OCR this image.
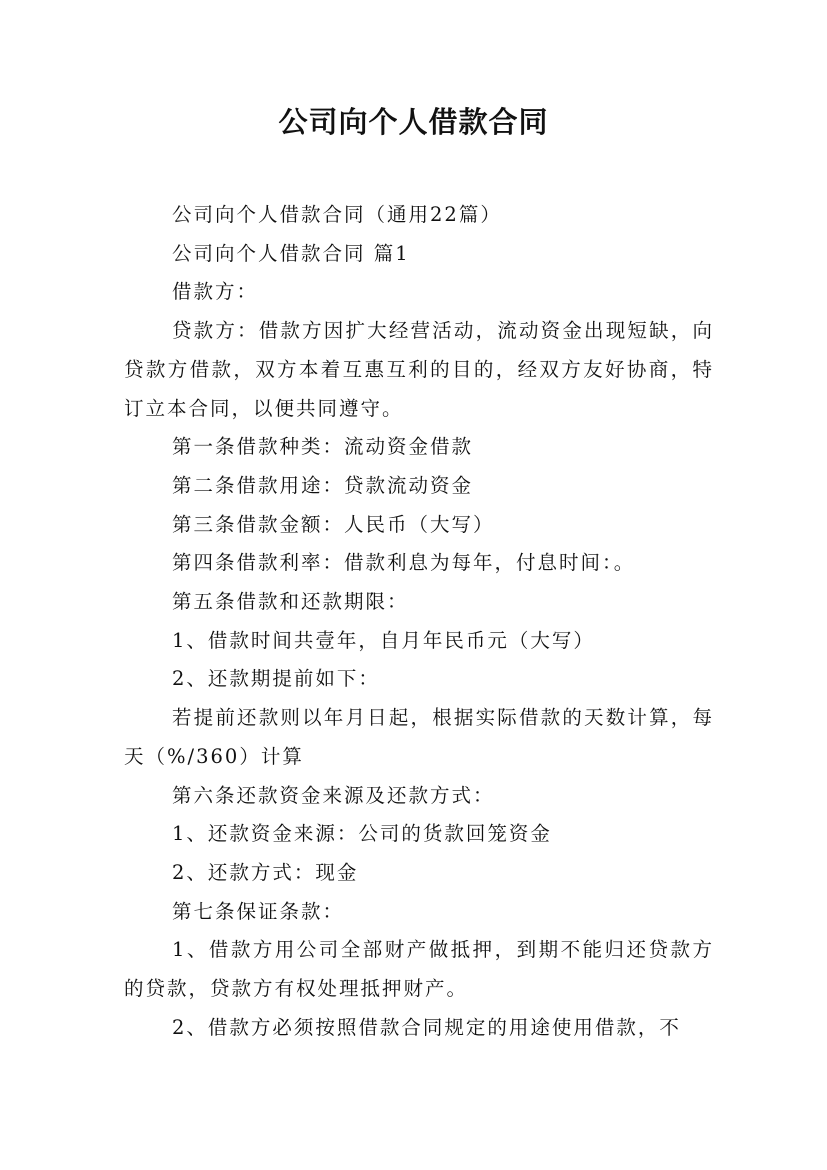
公司向个人借款合同

公司向个人借款合同（通用22篇）

公司向个人借款合同 篇1

借款方：

贷款方：借款方因扩大经营活动，流动资金出现短缺，向贷款方借款，双方本着互惠互利的目的，经双方友好协商，特订立本合同，以便共同遵守。

第一条借款种类：流动资金借款

第二条借款用途：贷款流动资金

第三条借款金额：人民币（大写）

第四条借款利率：借款利息为每年，付息时间：。

第五条借款和还款期限：

1、借款时间共壹年，自月年民币元（大写）

2、还款期提前如下：

若提前还款则以年月日起，根据实际借款的天数计算，每天（%/360）计算

第六条还款资金来源及还款方式：

1、还款资金来源：公司的货款回笼资金

2、还款方式：现金

第七条保证条款：

1、借款方用公司全部财产做抵押，到期不能归还贷款方的贷款，贷款方有权处理抵押财产。

2、借款方必须按照借款合同规定的用途使用借款，不
